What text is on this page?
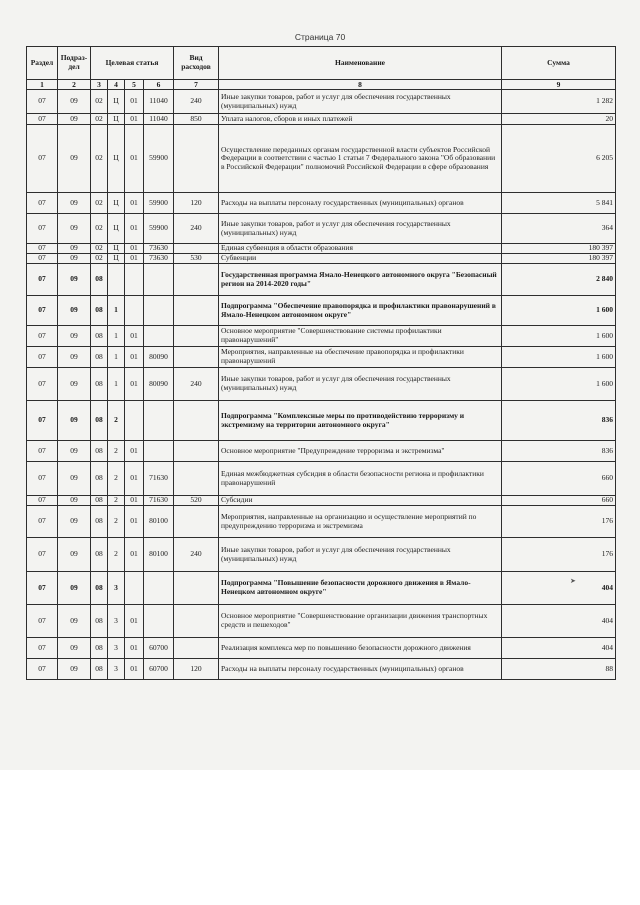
Страница 70
Раздел	Подраз-дел	Целевая статья				Вид расходов	Наименование	Сумма
1	2	3	4	5	6	7	8	9
07	09	02	Ц	01	11040	240	Иные закупки товаров, работ и услуг для обеспечения государственных (муниципальных) нужд	1 282
07	09	02	Ц	01	11040	850	Уплата налогов, сборов и иных платежей	20
07	09	02	Ц	01	59900		Осуществление переданных органам государственной власти субъектов Российской Федерации в соответствии с частью 1 статьи 7 Федерального закона "Об образовании в Российской Федерации" полномочий Российской Федерации в сфере образования	6 205
07	09	02	Ц	01	59900	120	Расходы на выплаты персоналу государственных (муниципальных) органов	5 841
07	09	02	Ц	01	59900	240	Иные закупки товаров, работ и услуг для обеспечения государственных (муниципальных) нужд	364
07	09	02	Ц	01	73630		Единая субвенция в области образования	180 397
07	09	02	Ц	01	73630	530	Субвенции	180 397
07	09	08					Государственная программа Ямало-Ненецкого автономного округа "Безопасный регион на 2014-2020 годы"	2 840
07	09	08	1				Подпрограмма "Обеспечение правопорядка и профилактики правонарушений в Ямало-Ненецком автономном округе"	1 600
07	09	08	1	01			Основное мероприятие "Совершенствование системы профилактики правонарушений"	1 600
07	09	08	1	01	80090		Мероприятия, направленные на обеспечение правопорядка и профилактики правонарушений	1 600
07	09	08	1	01	80090	240	Иные закупки товаров, работ и услуг для обеспечения государственных (муниципальных) нужд	1 600
07	09	08	2				Подпрограмма "Комплексные меры по противодействию терроризму и экстремизму на территории автономного округа"	836
07	09	08	2	01			Основное мероприятие "Предупреждение терроризма и экстремизма"	836
07	09	08	2	01	71630		Единая межбюджетная субсидия в области безопасности региона и профилактики правонарушений	660
07	09	08	2	01	71630	520	Субсидии	660
07	09	08	2	01	80100		Мероприятия, направленные на организацию и осуществление мероприятий по предупреждению терроризма и экстремизма	176
07	09	08	2	01	80100	240	Иные закупки товаров, работ и услуг для обеспечения государственных (муниципальных) нужд	176
07	09	08	3				Подпрограмма "Повышение безопасности дорожного движения в Ямало-Ненецком автономном округе"	404
07	09	08	3	01			Основное мероприятие "Совершенствование организации движения транспортных средств и пешеходов"	404
07	09	08	3	01	60700		Реализация комплекса мер по повышению безопасности дорожного движения	404
07	09	08	3	01	60700	120	Расходы на выплаты персоналу государственных (муниципальных) органов	88
➤
